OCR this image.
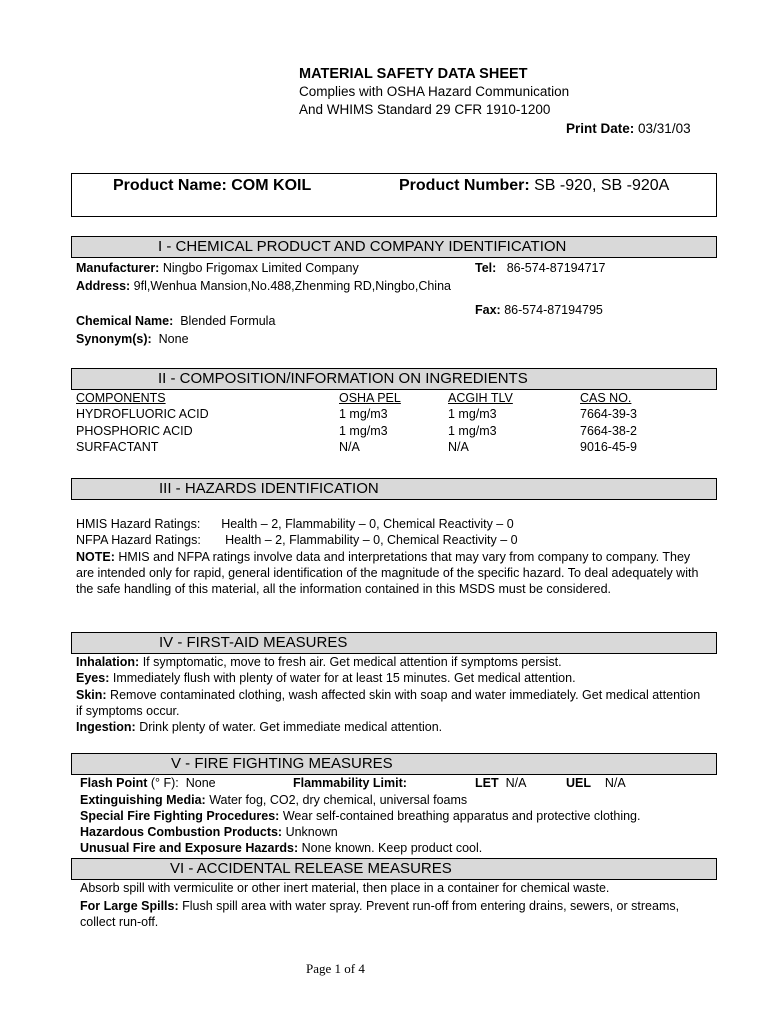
MATERIAL SAFETY DATA SHEET
Complies with OSHA Hazard Communication
And WHIMS Standard 29 CFR 1910-1200
Print Date: 03/31/03
Product Name: COM KOIL	Product Number: SB -920, SB -920A
I - CHEMICAL PRODUCT AND COMPANY IDENTIFICATION
Manufacturer: Ningbo Frigomax Limited Company	Tel: 86-574-87194717
Address: 9fl,Wenhua Mansion,No.488,Zhenming RD,Ningbo,China
Fax: 86-574-87194795
Chemical Name: Blended Formula
Synonym(s): None
II - COMPOSITION/INFORMATION ON INGREDIENTS
COMPONENTS	OSHA PEL	ACGIH TLV	CAS NO.
HYDROFLUORIC ACID	1 mg/m3	1 mg/m3	7664-39-3
PHOSPHORIC ACID	1 mg/m3	1 mg/m3	7664-38-2
SURFACTANT	N/A	N/A	9016-45-9
III - HAZARDS IDENTIFICATION
HMIS Hazard Ratings: Health – 2, Flammability – 0, Chemical Reactivity – 0
NFPA Hazard Ratings: Health – 2, Flammability – 0, Chemical Reactivity – 0
NOTE: HMIS and NFPA ratings involve data and interpretations that may vary from company to company. They are intended only for rapid, general identification of the magnitude of the specific hazard. To deal adequately with the safe handling of this material, all the information contained in this MSDS must be considered.
IV - FIRST-AID MEASURES
Inhalation: If symptomatic, move to fresh air. Get medical attention if symptoms persist.
Eyes: Immediately flush with plenty of water for at least 15 minutes. Get medical attention.
Skin: Remove contaminated clothing, wash affected skin with soap and water immediately. Get medical attention if symptoms occur.
Ingestion: Drink plenty of water. Get immediate medical attention.
V - FIRE FIGHTING MEASURES
Flash Point (° F): None	Flammability Limit:	LET N/A	UEL N/A
Extinguishing Media: Water fog, CO2, dry chemical, universal foams
Special Fire Fighting Procedures: Wear self-contained breathing apparatus and protective clothing.
Hazardous Combustion Products: Unknown
Unusual Fire and Exposure Hazards: None known. Keep product cool.
VI - ACCIDENTAL RELEASE MEASURES
Absorb spill with vermiculite or other inert material, then place in a container for chemical waste.
For Large Spills: Flush spill area with water spray. Prevent run-off from entering drains, sewers, or streams, collect run-off.
Page 1 of 4
